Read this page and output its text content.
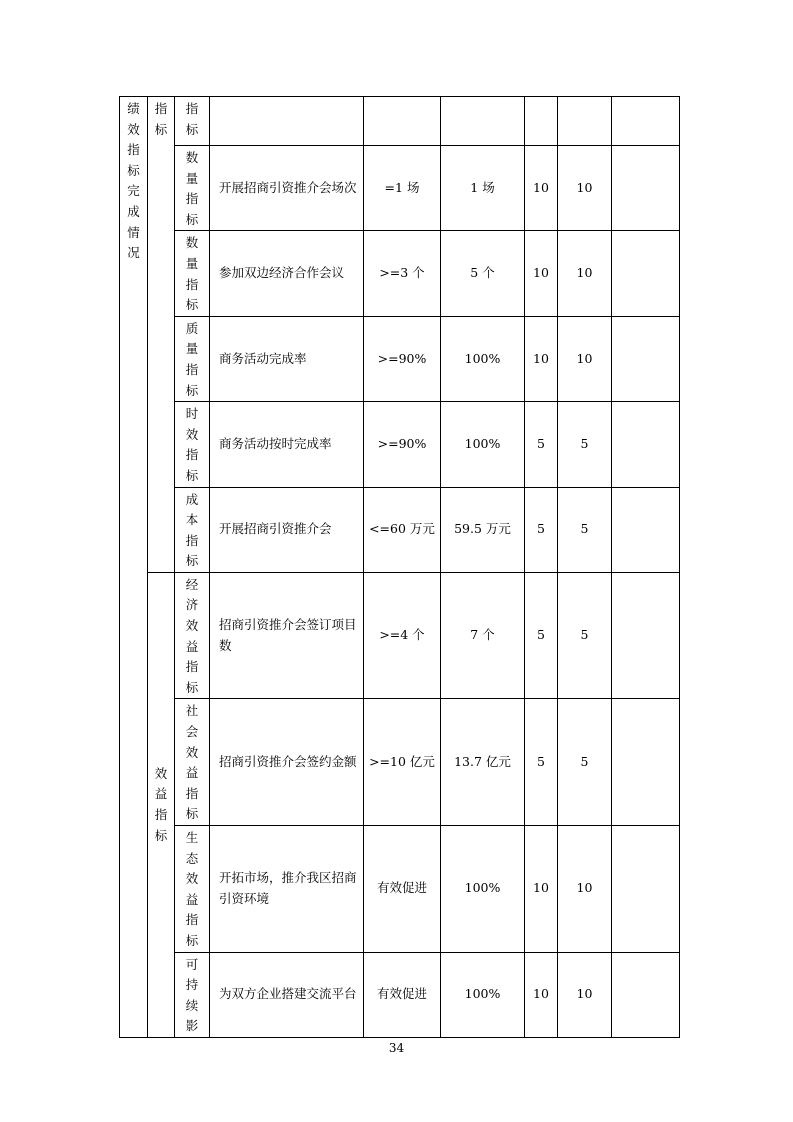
绩效指标完成情况	指标	指标						

		数量指标	开展招商引资推介会场次	=1 场	1 场	10	10	

		数量指标	参加双边经济合作会议	>=3 个	5 个	10	10	

		质量指标	商务活动完成率	>=90%	100%	10	10	

		时效指标	商务活动按时完成率	>=90%	100%	5	5	

		成本指标	开展招商引资推介会	<=60 万元	59.5 万元	5	5	

	效益指标	经济效益指标	招商引资推介会签订项目数	>=4 个	7 个	5	5	

		社会效益指标	招商引资推介会签约金额	>=10 亿元	13.7 亿元	5	5	

		生态效益指标	开拓市场，推介我区招商引资环境	有效促进	100%	10	10	

		可持续影	为双方企业搭建交流平台	有效促进	100%	10	10	
34
